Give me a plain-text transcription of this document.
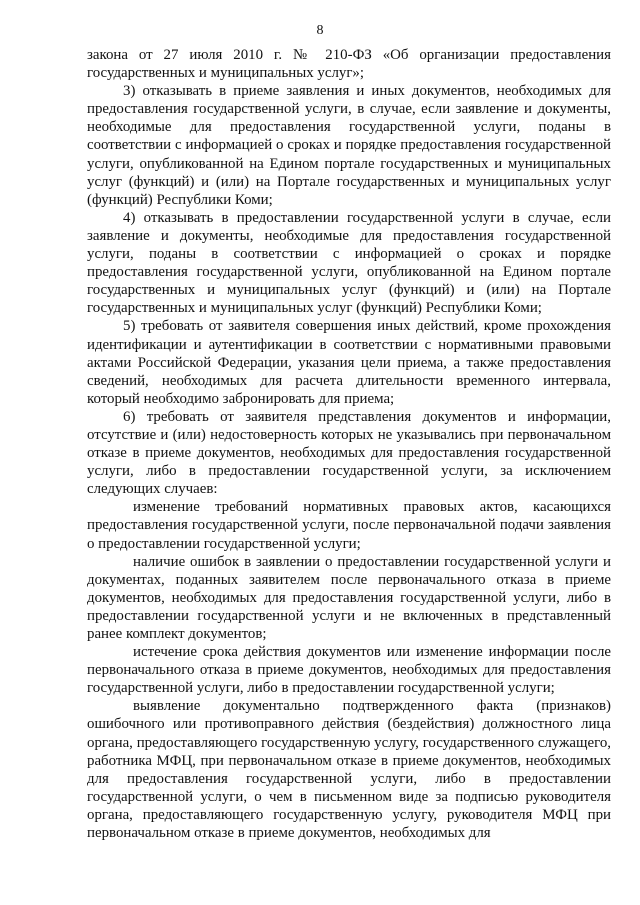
8

закона от 27 июля 2010 г. № 210-ФЗ «Об организации предоставления государственных и муниципальных услуг»;

3) отказывать в приеме заявления и иных документов, необходимых для предоставления государственной услуги, в случае, если заявление и документы, необходимые для предоставления государственной услуги, поданы в соответствии с информацией о сроках и порядке предоставления государственной услуги, опубликованной на Едином портале государственных и муниципальных услуг (функций) и (или) на Портале государственных и муниципальных услуг (функций) Республики Коми;

4) отказывать в предоставлении государственной услуги в случае, если заявление и документы, необходимые для предоставления государственной услуги, поданы в соответствии с информацией о сроках и порядке предоставления государственной услуги, опубликованной на Едином портале государственных и муниципальных услуг (функций) и (или) на Портале государственных и муниципальных услуг (функций) Республики Коми;

5) требовать от заявителя совершения иных действий, кроме прохождения идентификации и аутентификации в соответствии с нормативными правовыми актами Российской Федерации, указания цели приема, а также предоставления сведений, необходимых для расчета длительности временного интервала, который необходимо забронировать для приема;

6) требовать от заявителя представления документов и информации, отсутствие и (или) недостоверность которых не указывались при первоначальном отказе в приеме документов, необходимых для предоставления государственной услуги, либо в предоставлении государственной услуги, за исключением следующих случаев:

изменение требований нормативных правовых актов, касающихся предоставления государственной услуги, после первоначальной подачи заявления о предоставлении государственной услуги;

наличие ошибок в заявлении о предоставлении государственной услуги и документах, поданных заявителем после первоначального отказа в приеме документов, необходимых для предоставления государственной услуги, либо в предоставлении государственной услуги и не включенных в представленный ранее комплект документов;

истечение срока действия документов или изменение информации после первоначального отказа в приеме документов, необходимых для предоставления государственной услуги, либо в предоставлении государственной услуги;

выявление документально подтвержденного факта (признаков) ошибочного или противоправного действия (бездействия) должностного лица органа, предоставляющего государственную услугу, государственного служащего, работника МФЦ, при первоначальном отказе в приеме документов, необходимых для предоставления государственной услуги, либо в предоставлении государственной услуги, о чем в письменном виде за подписью руководителя органа, предоставляющего государственную услугу, руководителя МФЦ при первоначальном отказе в приеме документов, необходимых для
